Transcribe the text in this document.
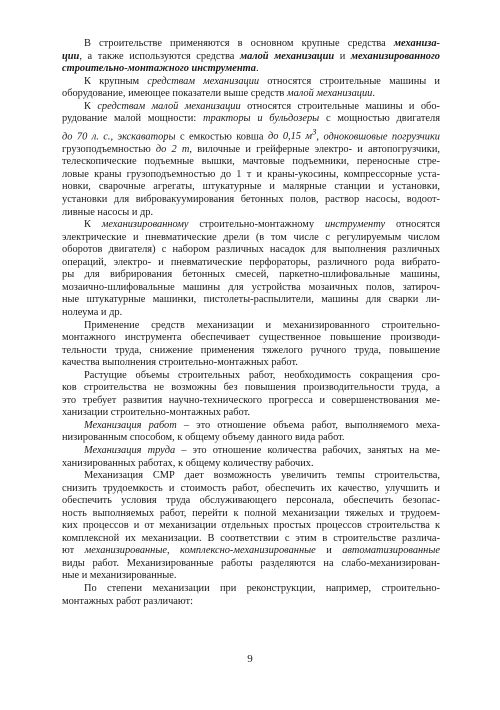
В строительстве применяются в основном крупные средства механиза-
ции, а также используются средства малой механизации и механизированного
строительно-монтажного инструмента.
К крупным средствам механизации относятся строительные машины и
оборудование, имеющее показатели выше средств малой механизации.
К средствам малой механизации относятся строительные машины и обо-
рудование малой мощности: тракторы и бульдозеры с мощностью двигателя
до 70 л. с., экскаваторы с емкостью ковша до 0,15 $м^3$, одноковшовые погрузчики
грузоподъемностью до 2 т, вилочные и грейферные электро- и автопогрузчики,
телескопические подъемные вышки, мачтовые подъемники, переносные стре-
ловые краны грузоподъемностью до 1 т и краны-укосины, компрессорные уста-
новки, сварочные агрегаты, штукатурные и малярные станции и установки,
установки для вибровакуумирования бетонных полов, раствор насосы, водоот-
ливные насосы и др.
К механизированному строительно-монтажному инструменту относятся
электрические и пневматические дрели (в том числе с регулируемым числом
оборотов двигателя) с набором различных насадок для выполнения различных
операций, электро- и пневматические перфораторы, различного рода вибрато-
ры для вибрирования бетонных смесей, паркетно-шлифовальные машины,
мозаично-шлифовальные машины для устройства мозаичных полов, затироч-
ные штукатурные машинки, пистолеты-распылители, машины для сварки ли-
нолеума и др.
Применение средств механизации и механизированного строительно-
монтажного инструмента обеспечивает существенное повышение производи-
тельности труда, снижение применения тяжелого ручного труда, повышение
качества выполнения строительно-монтажных работ.
Растущие объемы строительных работ, необходимость сокращения сро-
ков строительства не возможны без повышения производительности труда, а
это требует развития научно-технического прогресса и совершенствования ме-
ханизации строительно-монтажных работ.
Механизация работ – это отношение объема работ, выполняемого меха-
низированным способом, к общему объему данного вида работ.
Механизация труда – это отношение количества рабочих, занятых на ме-
ханизированных работах, к общему количеству рабочих.
Механизация СМР дает возможность увеличить темпы строительства,
снизить трудоемкость и стоимость работ, обеспечить их качество, улучшить и
обеспечить условия труда обслуживающего персонала, обеспечить безопас-
ность выполняемых работ, перейти к полной механизации тяжелых и трудоем-
ких процессов и от механизации отдельных простых процессов строительства к
комплексной их механизации. В соответствии с этим в строительстве различа-
ют механизированные, комплексно-механизированные и автоматизированные
виды работ. Механизированные работы разделяются на слабо-механизирован-
ные и механизированные.
По степени механизации при реконструкции, например, строительно-
монтажных работ различают:
9
